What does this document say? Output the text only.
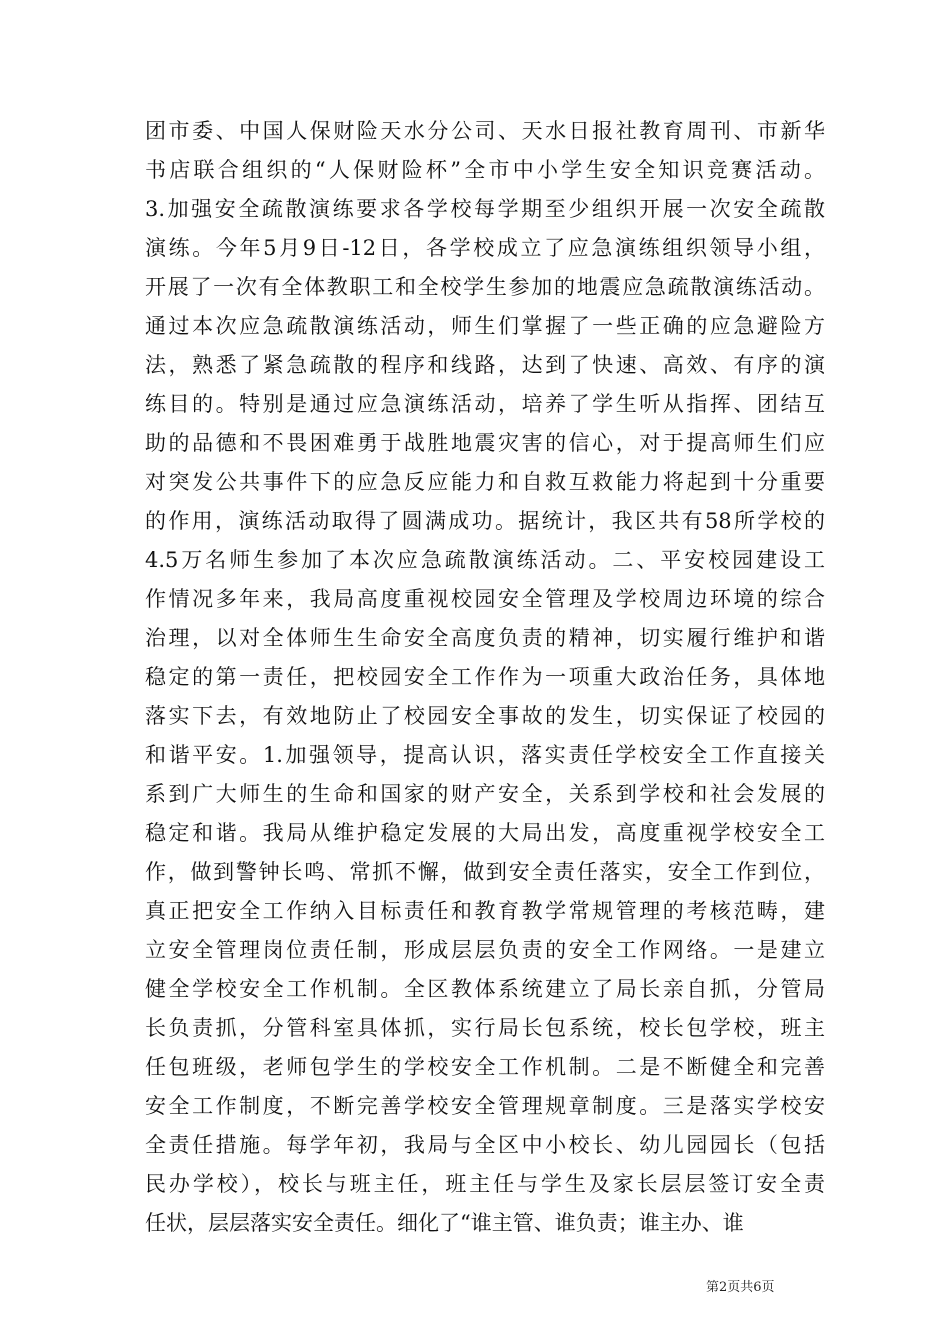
团市委、中国人保财险天水分公司、天水日报社教育周刊、市新华
书店联合组织的“人保财险杯”全市中小学生安全知识竞赛活动。
3.加强安全疏散演练要求各学校每学期至少组织开展一次安全疏散
演练。今年5月9日-12日，各学校成立了应急演练组织领导小组，
开展了一次有全体教职工和全校学生参加的地震应急疏散演练活动。
通过本次应急疏散演练活动，师生们掌握了一些正确的应急避险方
法，熟悉了紧急疏散的程序和线路，达到了快速、高效、有序的演
练目的。特别是通过应急演练活动，培养了学生听从指挥、团结互
助的品德和不畏困难勇于战胜地震灾害的信心，对于提高师生们应
对突发公共事件下的应急反应能力和自救互救能力将起到十分重要
的作用，演练活动取得了圆满成功。据统计，我区共有58所学校的
4.5万名师生参加了本次应急疏散演练活动。二、平安校园建设工
作情况多年来，我局高度重视校园安全管理及学校周边环境的综合
治理，以对全体师生生命安全高度负责的精神，切实履行维护和谐
稳定的第一责任，把校园安全工作作为一项重大政治任务，具体地
落实下去，有效地防止了校园安全事故的发生，切实保证了校园的
和谐平安。1.加强领导，提高认识，落实责任学校安全工作直接关
系到广大师生的生命和国家的财产安全，关系到学校和社会发展的
稳定和谐。我局从维护稳定发展的大局出发，高度重视学校安全工
作，做到警钟长鸣、常抓不懈，做到安全责任落实，安全工作到位，
真正把安全工作纳入目标责任和教育教学常规管理的考核范畴，建
立安全管理岗位责任制，形成层层负责的安全工作网络。一是建立
健全学校安全工作机制。全区教体系统建立了局长亲自抓，分管局
长负责抓，分管科室具体抓，实行局长包系统，校长包学校，班主
任包班级，老师包学生的学校安全工作机制。二是不断健全和完善
安全工作制度，不断完善学校安全管理规章制度。三是落实学校安
全责任措施。每学年初，我局与全区中小校长、幼儿园园长（包括
民办学校），校长与班主任，班主任与学生及家长层层签订安全责
任状，层层落实安全责任。细化了“谁主管、谁负责；谁主办、谁
第2页共6页
